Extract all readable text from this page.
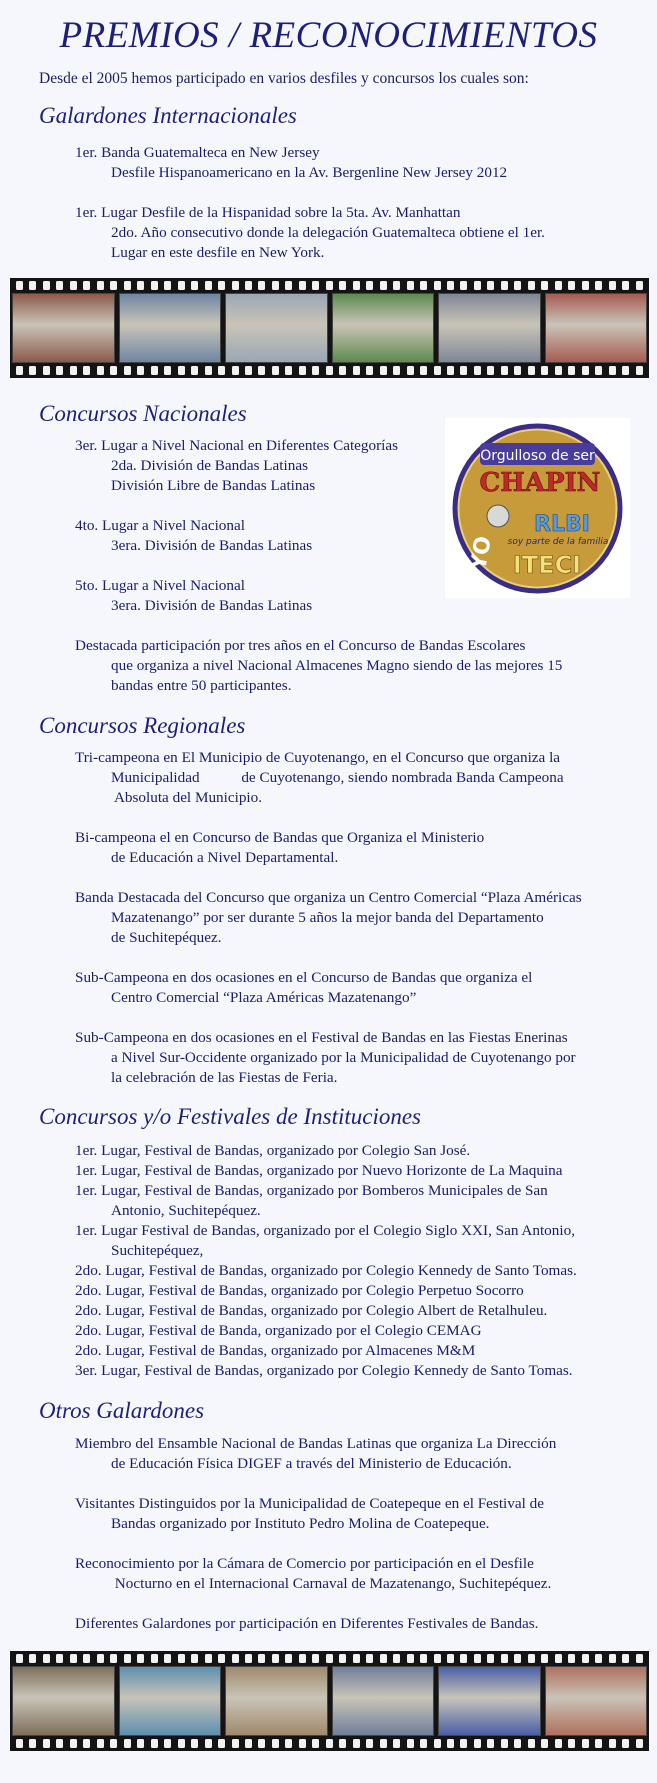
PREMIOS / RECONOCIMIENTOS
Desde el 2005 hemos participado en varios desfiles y concursos los cuales son:
Galardones Internacionales
1er. Banda Guatemalteca en New Jersey
Desfile Hispanoamericano en la Av. Bergenline New Jersey 2012
1er. Lugar Desfile de la Hispanidad sobre la 5ta. Av. Manhattan
2do. Año consecutivo donde la delegación Guatemalteca obtiene el 1er.
Lugar en este desfile en New York.
Concursos Nacionales
3er. Lugar a Nivel Nacional en Diferentes Categorías
2da. División de Bandas Latinas
División Libre de Bandas Latinas
4to. Lugar a Nivel Nacional
3era. División de Bandas Latinas
5to. Lugar a Nivel Nacional
3era. División de Bandas Latinas
Destacada participación por tres años en el Concurso de Bandas Escolares
que organiza a nivel Nacional Almacenes Magno siendo de las mejores 15
bandas entre 50 participantes.
Orgulloso de ser
CHAPIN
YO
RLBI
soy parte de la familia
ITECI
Concursos Regionales
Tri-campeona en El Municipio de Cuyotenango, en el Concurso que organiza la
Municipalidad           de Cuyotenango, siendo nombrada Banda Campeona
Absoluta del Municipio.
Bi-campeona el en Concurso de Bandas que Organiza el Ministerio
de Educación a Nivel Departamental.
Banda Destacada del Concurso que organiza un Centro Comercial “Plaza Américas
Mazatenango” por ser durante 5 años la mejor banda del Departamento
de Suchitepéquez.
Sub-Campeona en dos ocasiones en el Concurso de Bandas que organiza el
Centro Comercial “Plaza Américas Mazatenango”
Sub-Campeona en dos ocasiones en el Festival de Bandas en las Fiestas Enerinas
a Nivel Sur-Occidente organizado por la Municipalidad de Cuyotenango por
la celebración de las Fiestas de Feria.
Concursos y/o Festivales de Instituciones
1er. Lugar, Festival de Bandas, organizado por Colegio San José.
1er. Lugar, Festival de Bandas, organizado por Nuevo Horizonte de La Maquina
1er. Lugar, Festival de Bandas, organizado por Bomberos Municipales de San
Antonio, Suchitepéquez.
1er. Lugar Festival de Bandas, organizado por el Colegio Siglo XXI, San Antonio,
Suchitepéquez,
2do. Lugar, Festival de Bandas, organizado por Colegio Kennedy de Santo Tomas.
2do. Lugar, Festival de Bandas, organizado por Colegio Perpetuo Socorro
2do. Lugar, Festival de Bandas, organizado por Colegio Albert de Retalhuleu.
2do. Lugar, Festival de Banda, organizado por el Colegio CEMAG
2do. Lugar, Festival de Bandas, organizado por Almacenes M&M
3er. Lugar, Festival de Bandas, organizado por Colegio Kennedy de Santo Tomas.
Otros Galardones
Miembro del Ensamble Nacional de Bandas Latinas que organiza La Dirección
de Educación Física DIGEF a través del Ministerio de Educación.
Visitantes Distinguidos por la Municipalidad de Coatepeque en el Festival de
Bandas organizado por Instituto Pedro Molina de Coatepeque.
Reconocimiento por la Cámara de Comercio por participación en el Desfile
Nocturno en el Internacional Carnaval de Mazatenango, Suchitepéquez.
Diferentes Galardones por participación en Diferentes Festivales de Bandas.
